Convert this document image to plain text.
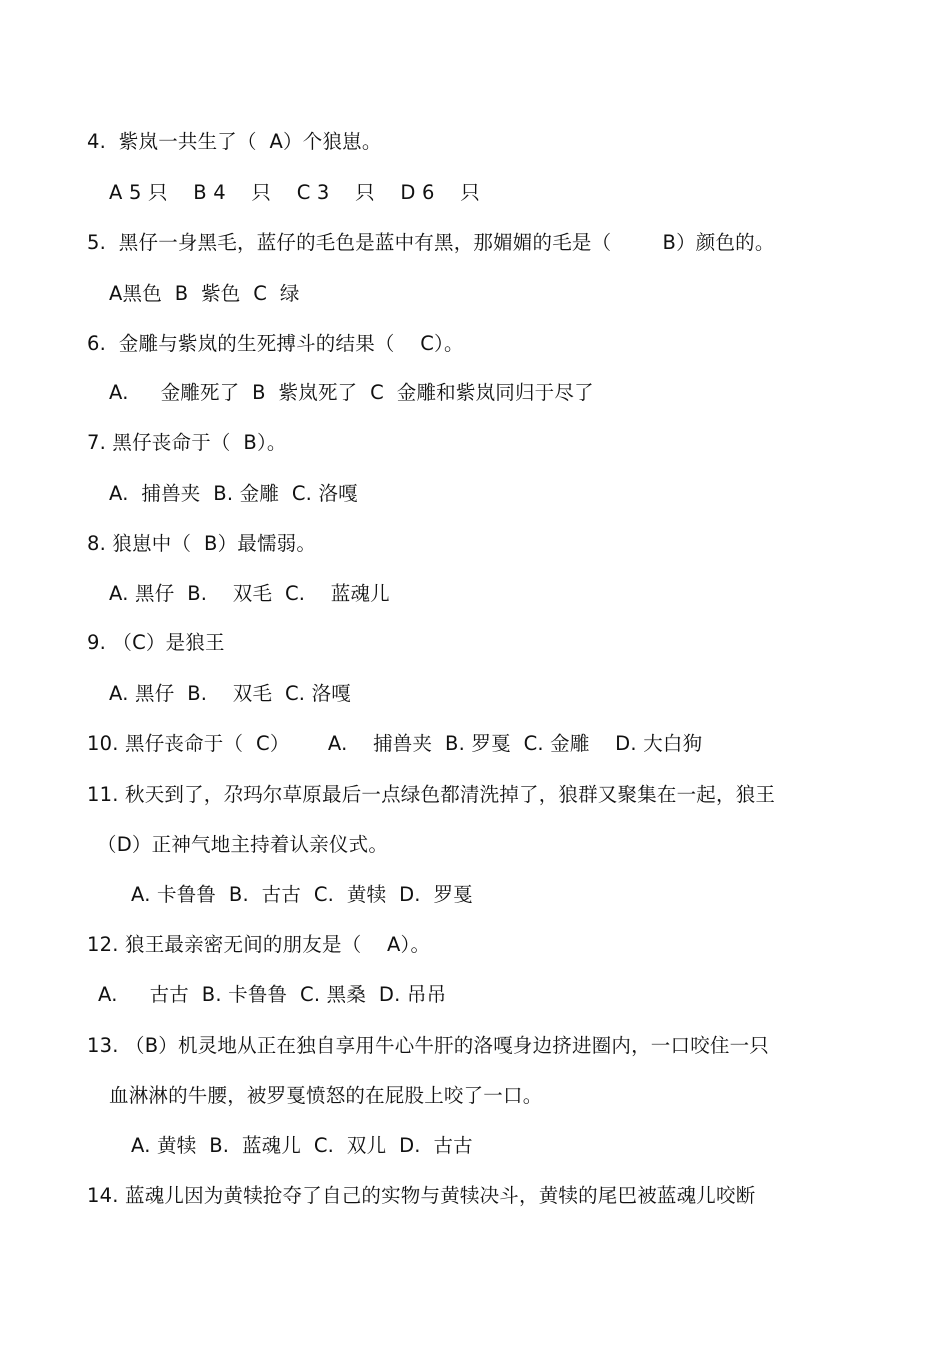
4.  紫岚一共生了（  A）个狼崽。
A 5 只    B 4    只    C 3    只    D 6    只
5.  黑仔一身黑毛，蓝仔的毛色是蓝中有黑，那媚媚的毛是（        B）颜色的。
A黑色  B  紫色  C  绿
6.  金雕与紫岚的生死搏斗的结果（    C）。
A.     金雕死了  B  紫岚死了  C  金雕和紫岚同归于尽了
7. 黑仔丧命于（  B）。
A.  捕兽夹  B. 金雕  C. 洛嘎
8. 狼崽中（  B）最懦弱。
A. 黑仔  B.    双毛  C.    蓝魂儿
9. （C）是狼王
A. 黑仔  B.    双毛  C. 洛嘎
10. 黑仔丧命于（  C）      A.    捕兽夹  B. 罗戛  C. 金雕    D. 大白狗
11. 秋天到了，尕玛尔草原最后一点绿色都清洗掉了，狼群又聚集在一起，狼王
（D）正神气地主持着认亲仪式。
A. 卡鲁鲁  B.  古古  C.  黄犊  D.  罗戛
12. 狼王最亲密无间的朋友是（    A）。
A.     古古  B. 卡鲁鲁  C. 黑桑  D. 吊吊
13. （B）机灵地从正在独自享用牛心牛肝的洛嘎身边挤进圈内，一口咬住一只
血淋淋的牛腰，被罗戛愤怒的在屁股上咬了一口。
A. 黄犊  B.  蓝魂儿  C.  双儿  D.  古古
14. 蓝魂儿因为黄犊抢夺了自己的实物与黄犊决斗，黄犊的尾巴被蓝魂儿咬断
